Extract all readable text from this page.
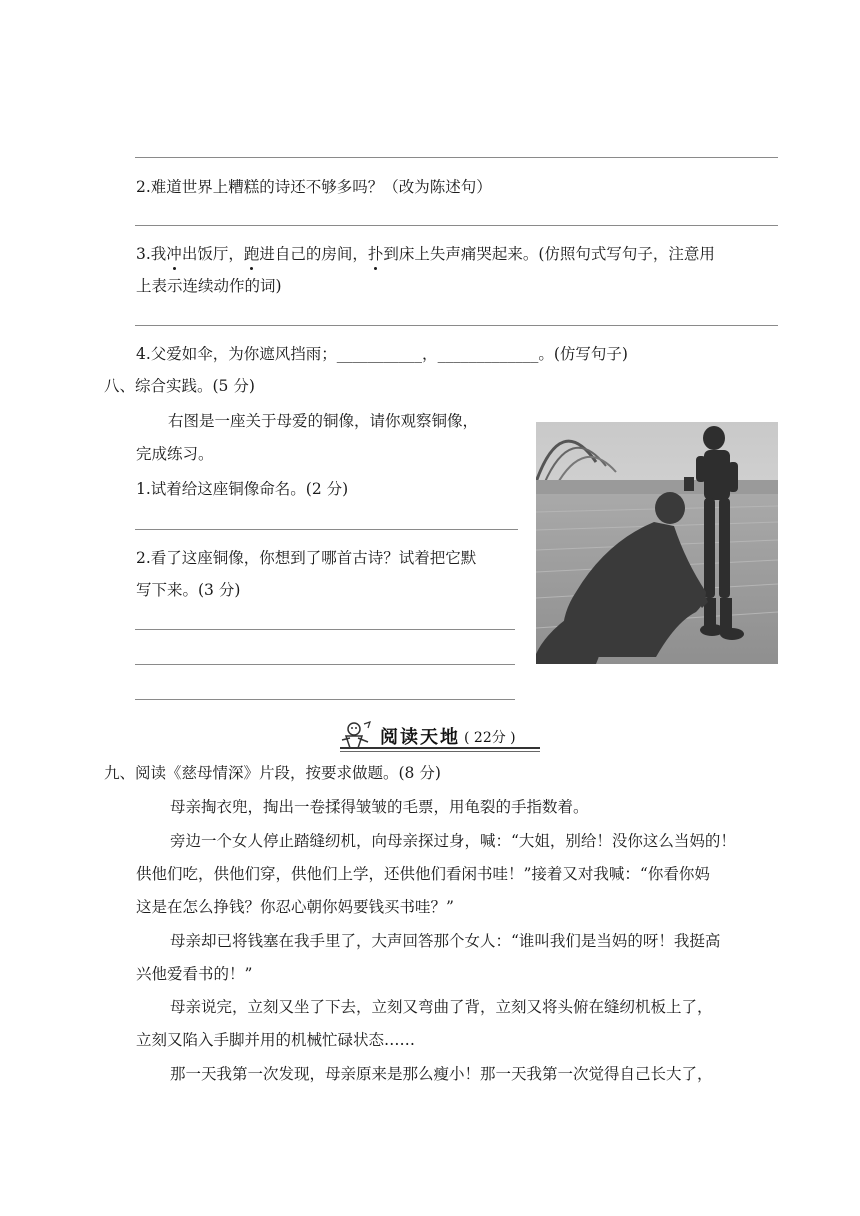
2.难道世界上糟糕的诗还不够多吗？（改为陈述句）
3.我冲出饭厅，跑进自己的房间，扑到床上失声痛哭起来。(仿照句式写句子，注意用
上表示连续动作的词)
4.父爱如伞，为你遮风挡雨；___________，_____________。(仿写句子)
八、综合实践。(5 分)
右图是一座关于母爱的铜像，请你观察铜像，
完成练习。
1.试着给这座铜像命名。(2 分)
2.看了这座铜像，你想到了哪首古诗？试着把它默
写下来。(3 分)
阅读天地 ( 22分 )
九、阅读《慈母情深》片段，按要求做题。(8 分)
母亲掏衣兜，掏出一卷揉得皱皱的毛票，用龟裂的手指数着。
旁边一个女人停止踏缝纫机，向母亲探过身，喊：“大姐，别给！没你这么当妈的！
供他们吃，供他们穿，供他们上学，还供他们看闲书哇！”接着又对我喊：“你看你妈
这是在怎么挣钱？你忍心朝你妈要钱买书哇？”
母亲却已将钱塞在我手里了，大声回答那个女人：“谁叫我们是当妈的呀！我挺高
兴他爱看书的！”
母亲说完，立刻又坐了下去，立刻又弯曲了背，立刻又将头俯在缝纫机板上了，
立刻又陷入手脚并用的机械忙碌状态……
那一天我第一次发现，母亲原来是那么瘦小！那一天我第一次觉得自己长大了，
